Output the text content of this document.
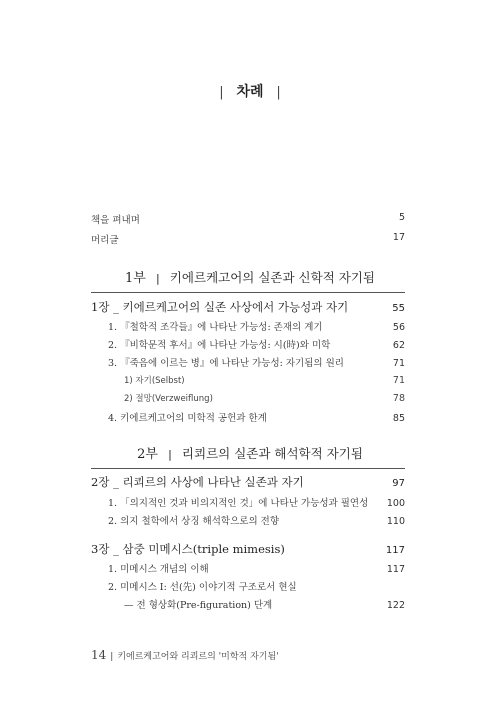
| 차례 |
책을 펴내며	5
머리글	17
1부 | 키에르케고어의 실존과 신학적 자기됨
1장 _ 키에르케고어의 실존 사상에서 가능성과 자기	55
1. 『철학적 조각들』에 나타난 가능성: 존재의 계기	56
2. 『비학문적 후서』에 나타난 가능성: 시(時)와 미학	62
3. 『죽음에 이르는 병』에 나타난 가능성: 자기됨의 원리	71
1) 자기(Selbst)	71
2) 절망(Verzweiflung)	78
4. 키에르케고어의 미학적 공헌과 한계	85
2부 | 리쾨르의 실존과 해석학적 자기됨
2장 _ 리쾨르의 사상에 나타난 실존과 자기	97
1. 「의지적인 것과 비의지적인 것」에 나타난 가능성과 필연성 100
2. 의지 철학에서 상징 해석학으로의 전향	110
3장 _ 삼중 미메시스(triple mimesis)	117
1. 미메시스 개념의 이해	117
2. 미메시스 I: 선(先) 이야기적 구조로서 현실
— 전 형상화(Pre-figuration) 단계	122
14 | 키에르케고어와 리쾨르의 '미학적 자기됨'
